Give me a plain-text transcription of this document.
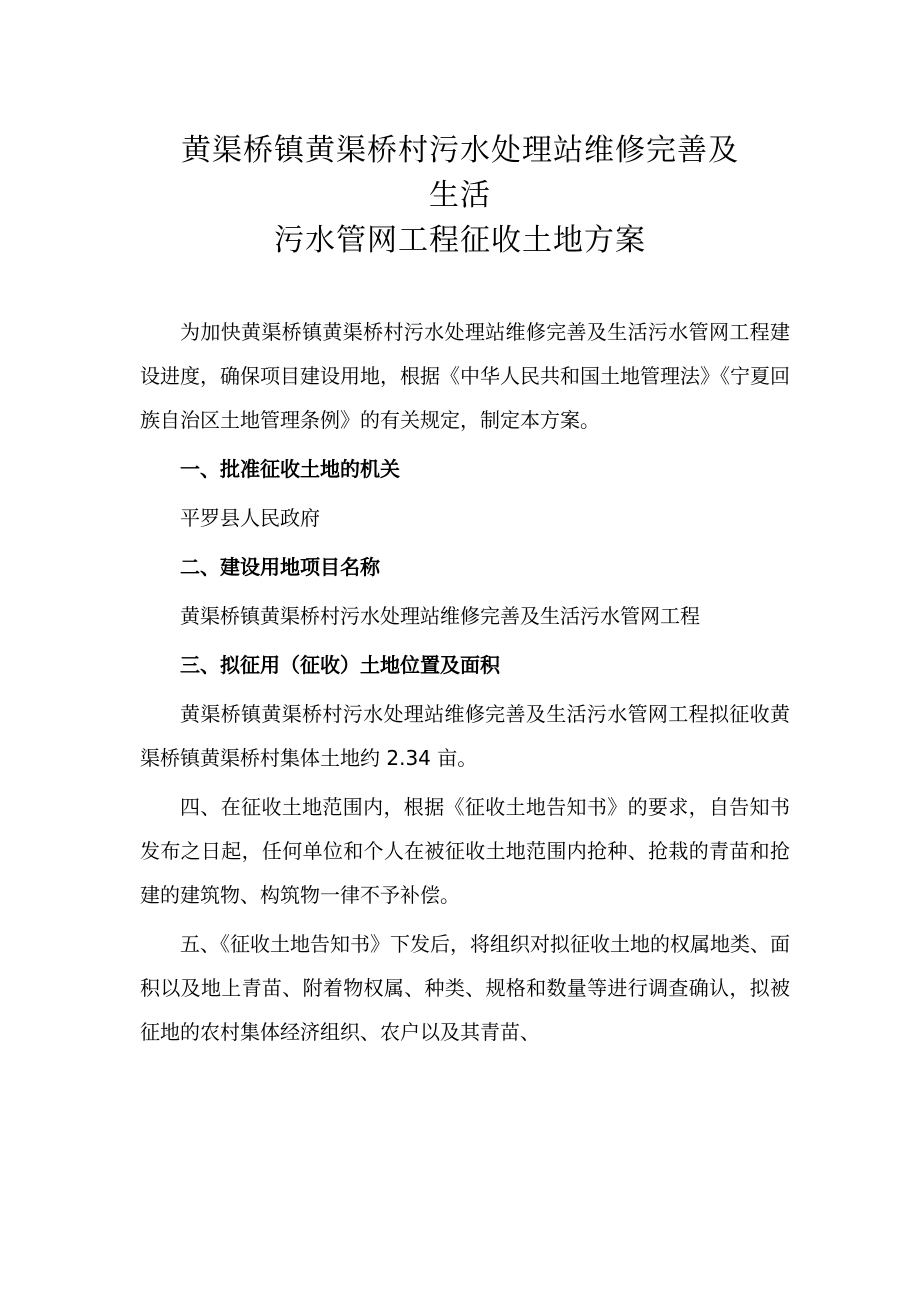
黄渠桥镇黄渠桥村污水处理站维修完善及
生活
污水管网工程征收土地方案

为加快黄渠桥镇黄渠桥村污水处理站维修完善及生活污水管网工程建设进度，确保项目建设用地，根据《中华人民共和国土地管理法》《宁夏回族自治区土地管理条例》的有关规定，制定本方案。

一、批准征收土地的机关

平罗县人民政府

二、建设用地项目名称

黄渠桥镇黄渠桥村污水处理站维修完善及生活污水管网工程

三、拟征用（征收）土地位置及面积

黄渠桥镇黄渠桥村污水处理站维修完善及生活污水管网工程拟征收黄渠桥镇黄渠桥村集体土地约 2.34 亩。

四、在征收土地范围内，根据《征收土地告知书》的要求，自告知书发布之日起，任何单位和个人在被征收土地范围内抢种、抢栽的青苗和抢建的建筑物、构筑物一律不予补偿。

五、《征收土地告知书》下发后，将组织对拟征收土地的权属地类、面积以及地上青苗、附着物权属、种类、规格和数量等进行调查确认，拟被征地的农村集体经济组织、农户以及其青苗、
